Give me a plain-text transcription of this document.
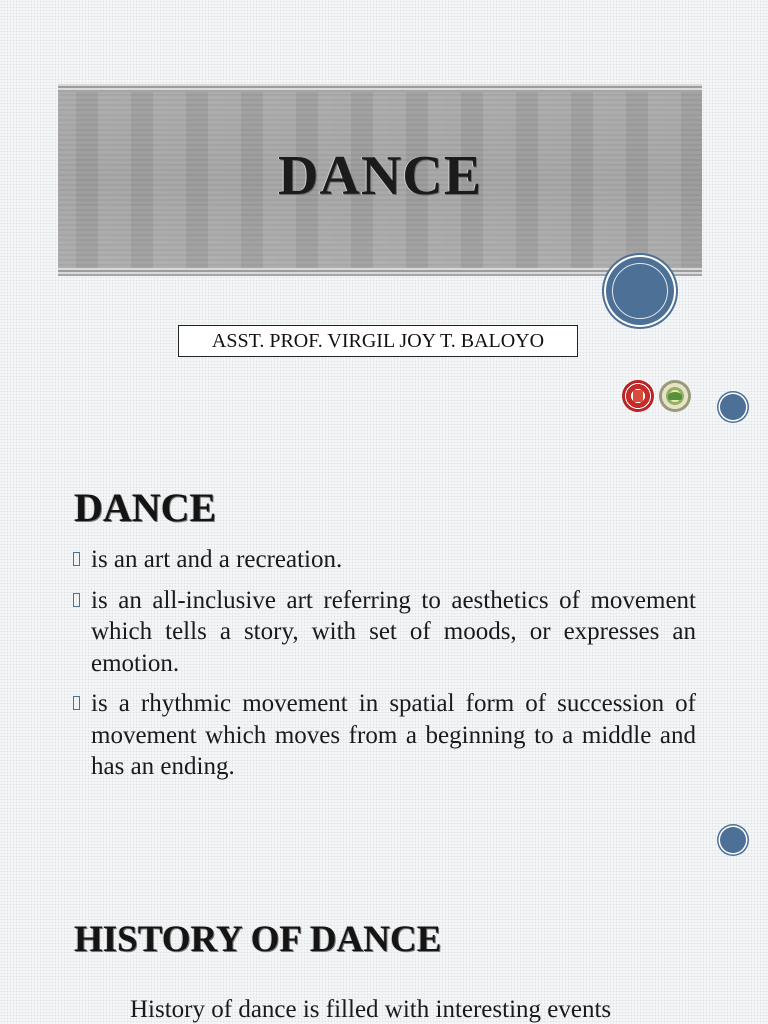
DANCE
ASST. PROF. VIRGIL JOY T. BALOYO
DANCE
is an art and a recreation.
is an all-inclusive art referring to aesthetics of movement which tells a story, with set of moods, or expresses an emotion.
is a rhythmic movement in spatial form of succession of movement which moves from a beginning to a middle and has an ending.
HISTORY OF DANCE

History of dance is filled with interesting events
